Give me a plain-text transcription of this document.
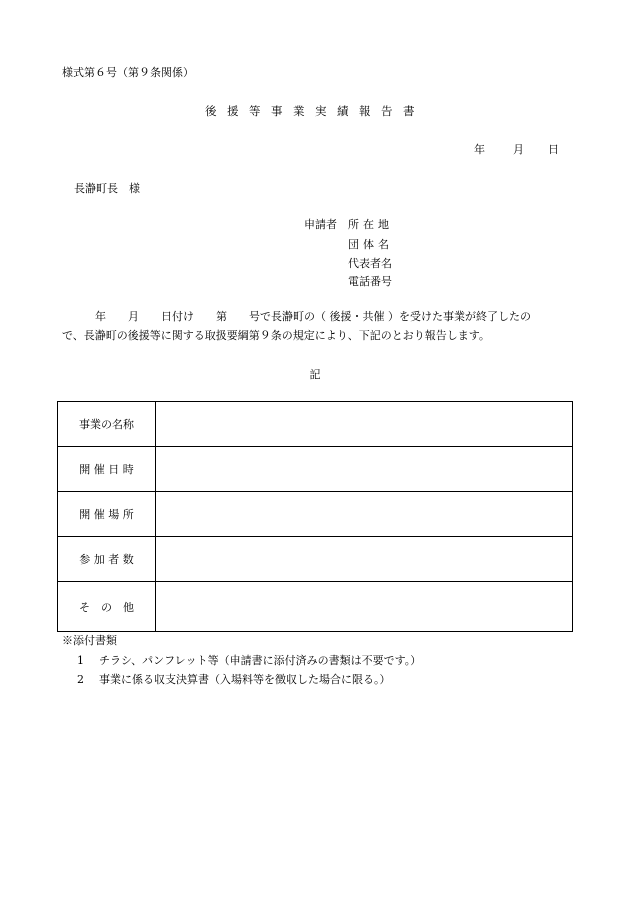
様式第６号（第９条関係）
後援等事業実績報告書
年	月 日
長瀞町長　様
申請者 所在地
団体名
代表者名
電話番号
年　　月　　日付け　　第　　号で長瀞町の（ 後援・共催 ）を受けた事業が終了したの
で、長瀞町の後援等に関する取扱要綱第９条の規定により、下記のとおり報告します。
記
事業の名称	
開 催 日 時	
開 催 場 所	
参 加 者 数	
そ　の　他	
※添付書類
1 チラシ、パンフレット等（申請書に添付済みの書類は不要です。）
2 事業に係る収支決算書（入場料等を徴収した場合に限る。）
